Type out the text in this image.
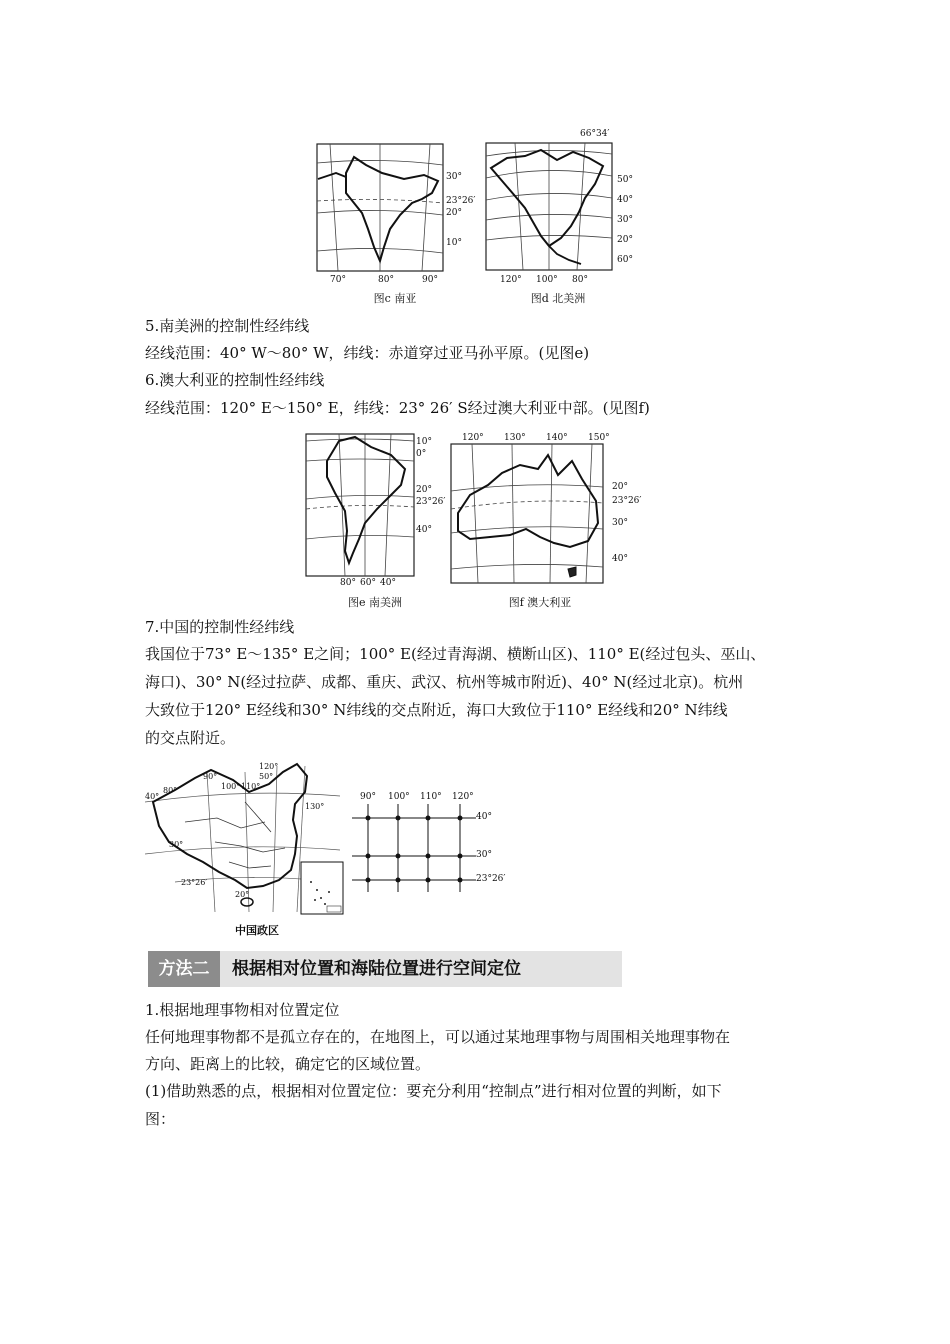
30°
23°26′
20°
10°
70°	80°	90°
图c 南亚
66°34′
50°
40°
30°
20°
60°
120° 100° 80°
图d 北美洲
5.南美洲的控制性经纬线
经线范围：40° W～80° W，纬线：赤道穿过亚马孙平原。(见图e)
6.澳大利亚的控制性经纬线
经线范围：120° E～150° E，纬线：23° 26′ S经过澳大利亚中部。(见图f)
10°
0°
20°
23°26′
40°
80° 60° 40°
图e 南美洲
120° 130° 140° 150°
20°
23°26′
30°
40°
图f 澳大利亚
7.中国的控制性经纬线
我国位于73° E～135° E之间；100° E(经过青海湖、横断山区)、110° E(经过包头、巫山、
海口)、30° N(经过拉萨、成都、重庆、武汉、杭州等城市附近)、40° N(经过北京)。杭州
大致位于120° E经线和30° N纬线的交点附近，海口大致位于110° E经线和20° N纬线
的交点附近。
120°
50°
40°
90°
80°	100° 110°
130°
30°
23°26′
20°
中国政区
90° 100° 110° 120°
40°
30°
23°26′
方法二	根据相对位置和海陆位置进行空间定位
1.根据地理事物相对位置定位
任何地理事物都不是孤立存在的，在地图上，可以通过某地理事物与周围相关地理事物在
方向、距离上的比较，确定它的区域位置。
(1)借助熟悉的点，根据相对位置定位：要充分利用“控制点”进行相对位置的判断，如下
图：
